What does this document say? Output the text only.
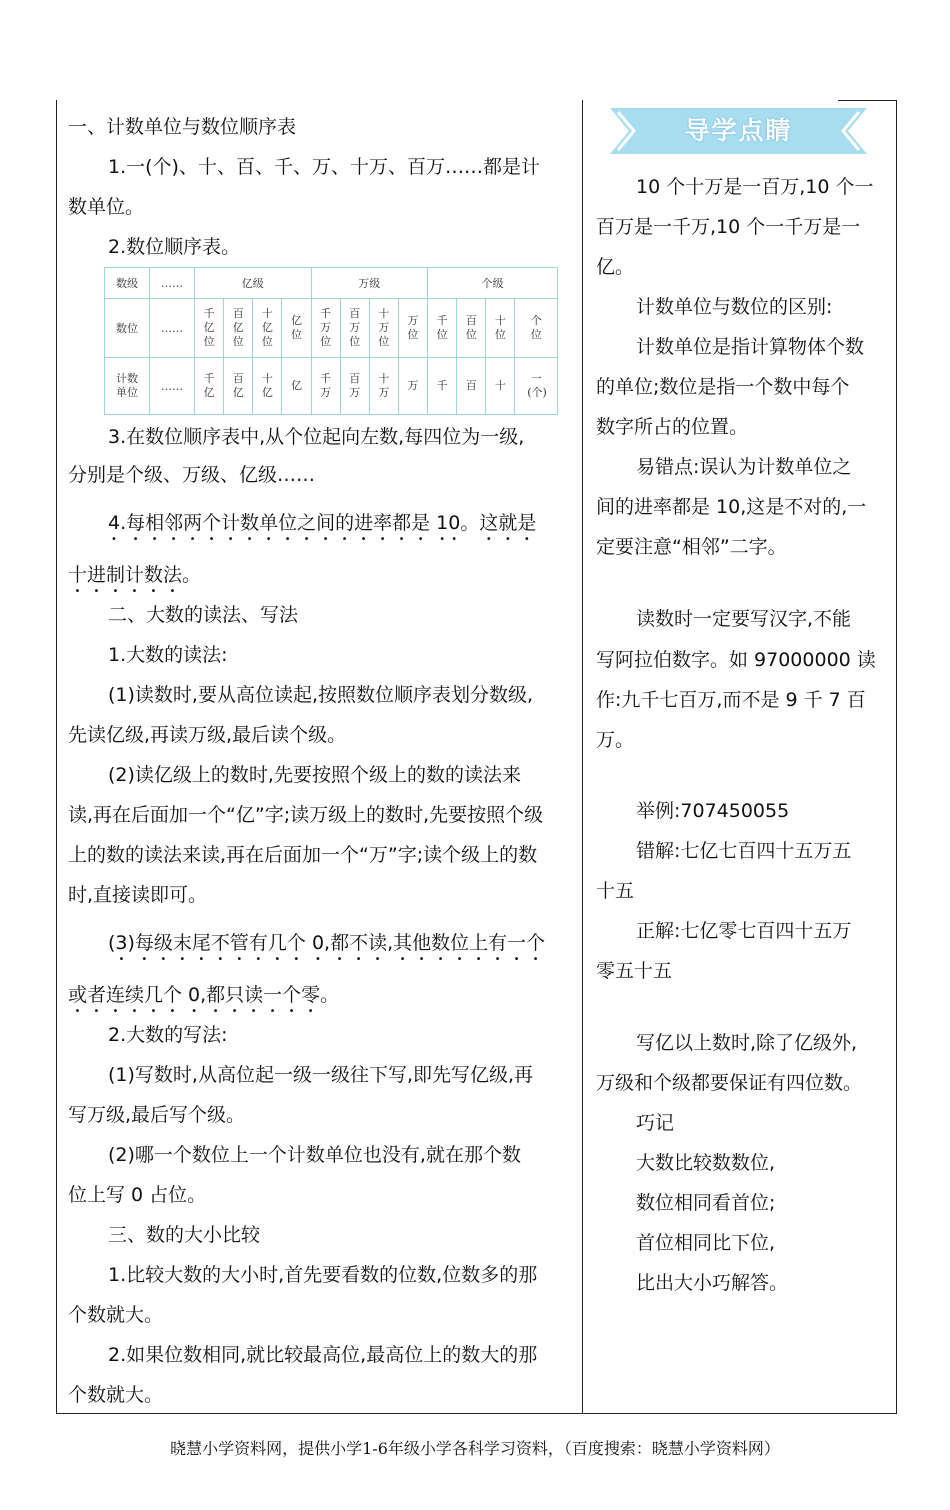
一、计数单位与数位顺序表
1.一(个)、十、百、千、万、十万、百万……都是计
数单位。
2.数位顺序表。
数级	……	亿级				万级				个级			
数位	……	千亿位	百亿位	十亿位	亿位	千万位	百万位	十万位	万位	千位	百位	十位	个位
计数单位	……	千亿	百亿	十亿	亿	千万	百万	十万	万	千	百	十	一(个)
3.在数位顺序表中,从个位起向左数,每四位为一级,
分别是个级、万级、亿级……
4.每相邻两个计数单位之间的进率都是 10。这就是
十进制计数法。
二、大数的读法、写法
1.大数的读法:
(1)读数时,要从高位读起,按照数位顺序表划分数级,
先读亿级,再读万级,最后读个级。
(2)读亿级上的数时,先要按照个级上的数的读法来
读,再在后面加一个“亿”字;读万级上的数时,先要按照个级
上的数的读法来读,再在后面加一个“万”字;读个级上的数
时,直接读即可。
(3)每级末尾不管有几个 0,都不读,其他数位上有一个
或者连续几个 0,都只读一个零。
2.大数的写法:
(1)写数时,从高位起一级一级往下写,即先写亿级,再
写万级,最后写个级。
(2)哪一个数位上一个计数单位也没有,就在那个数
位上写 0 占位。
三、数的大小比较
1.比较大数的大小时,首先要看数的位数,位数多的那
个数就大。
2.如果位数相同,就比较最高位,最高位上的数大的那
个数就大。
导学点睛
10 个十万是一百万,10 个一
百万是一千万,10 个一千万是一
亿。
计数单位与数位的区别:
计数单位是指计算物体个数
的单位;数位是指一个数中每个
数字所占的位置。
易错点:误认为计数单位之
间的进率都是 10,这是不对的,一
定要注意“相邻”二字。
读数时一定要写汉字,不能
写阿拉伯数字。如 97000000 读
作:九千七百万,而不是 9 千 7 百
万。
举例:707450055
错解:七亿七百四十五万五
十五
正解:七亿零七百四十五万
零五十五
写亿以上数时,除了亿级外,
万级和个级都要保证有四位数。
巧记
大数比较数数位,
数位相同看首位;
首位相同比下位,
比出大小巧解答。
晓慧小学资料网，提供小学1-6年级小学各科学习资料，（百度搜索：晓慧小学资料网）
